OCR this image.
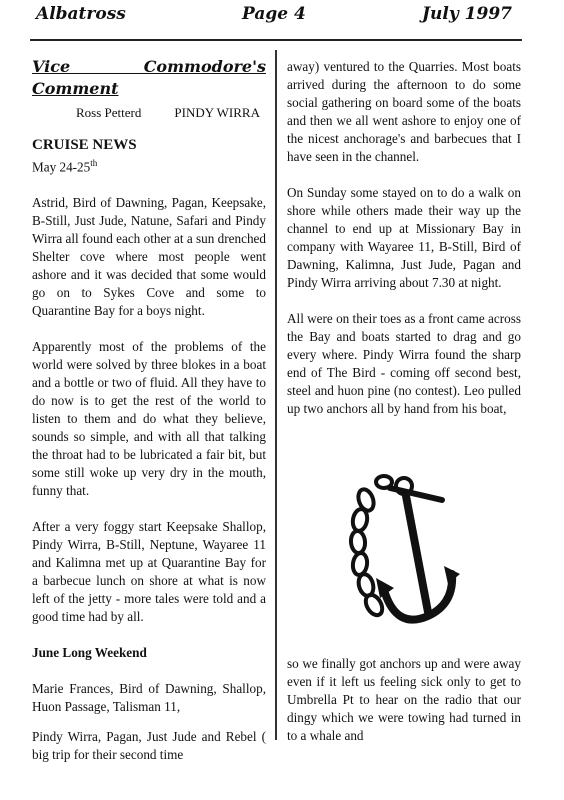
Albatross	Page 4	July 1997

Vice Commodore's Comment

Ross Petterd	PINDY WIRRA

CRUISE NEWS

May 24-25th

Astrid, Bird of Dawning, Pagan, Keepsake, B-Still, Just Jude, Natune, Safari and Pindy Wirra all found each other at a sun drenched Shelter cove where most people went ashore and it was decided that some would go on to Sykes Cove and some to Quarantine Bay for a boys night.

Apparently most of the problems of the world were solved by three blokes in a boat and a bottle or two of fluid. All they have to do now is to get the rest of the world to listen to them and do what they believe, sounds so simple, and with all that talking the throat had to be lubricated a fair bit, but some still woke up very dry in the mouth, funny that.

After a very foggy start Keepsake Shallop, Pindy Wirra, B-Still, Neptune, Wayaree 11 and Kalimna met up at Quarantine Bay for a barbecue lunch on shore at what is now left of the jetty - more tales were told and a good time had by all.

June Long Weekend

Marie Frances, Bird of Dawning, Shallop, Huon Passage, Talisman 11,

Pindy Wirra, Pagan, Just Jude and Rebel ( big trip for their second time

away) ventured to the Quarries. Most boats arrived during the afternoon to do some social gathering on board some of the boats and then we all went ashore to enjoy one of the nicest anchorage's and barbecues that I have seen in the channel.

On Sunday some stayed on to do a walk on shore while others made their way up the channel to end up at Missionary Bay in company with Wayaree 11, B-Still, Bird of Dawning, Kalimna, Just Jude, Pagan and Pindy Wirra arriving about 7.30 at night.

All were on their toes as a front came across the Bay and boats started to drag and go every where. Pindy Wirra found the sharp end of The Bird - coming off second best, steel and huon pine (no contest). Leo pulled up two anchors all by hand from his boat,

so we finally got anchors up and were away even if it left us feeling sick only to get to Umbrella Pt to hear on the radio that our dingy which we were towing had turned in to a whale and
